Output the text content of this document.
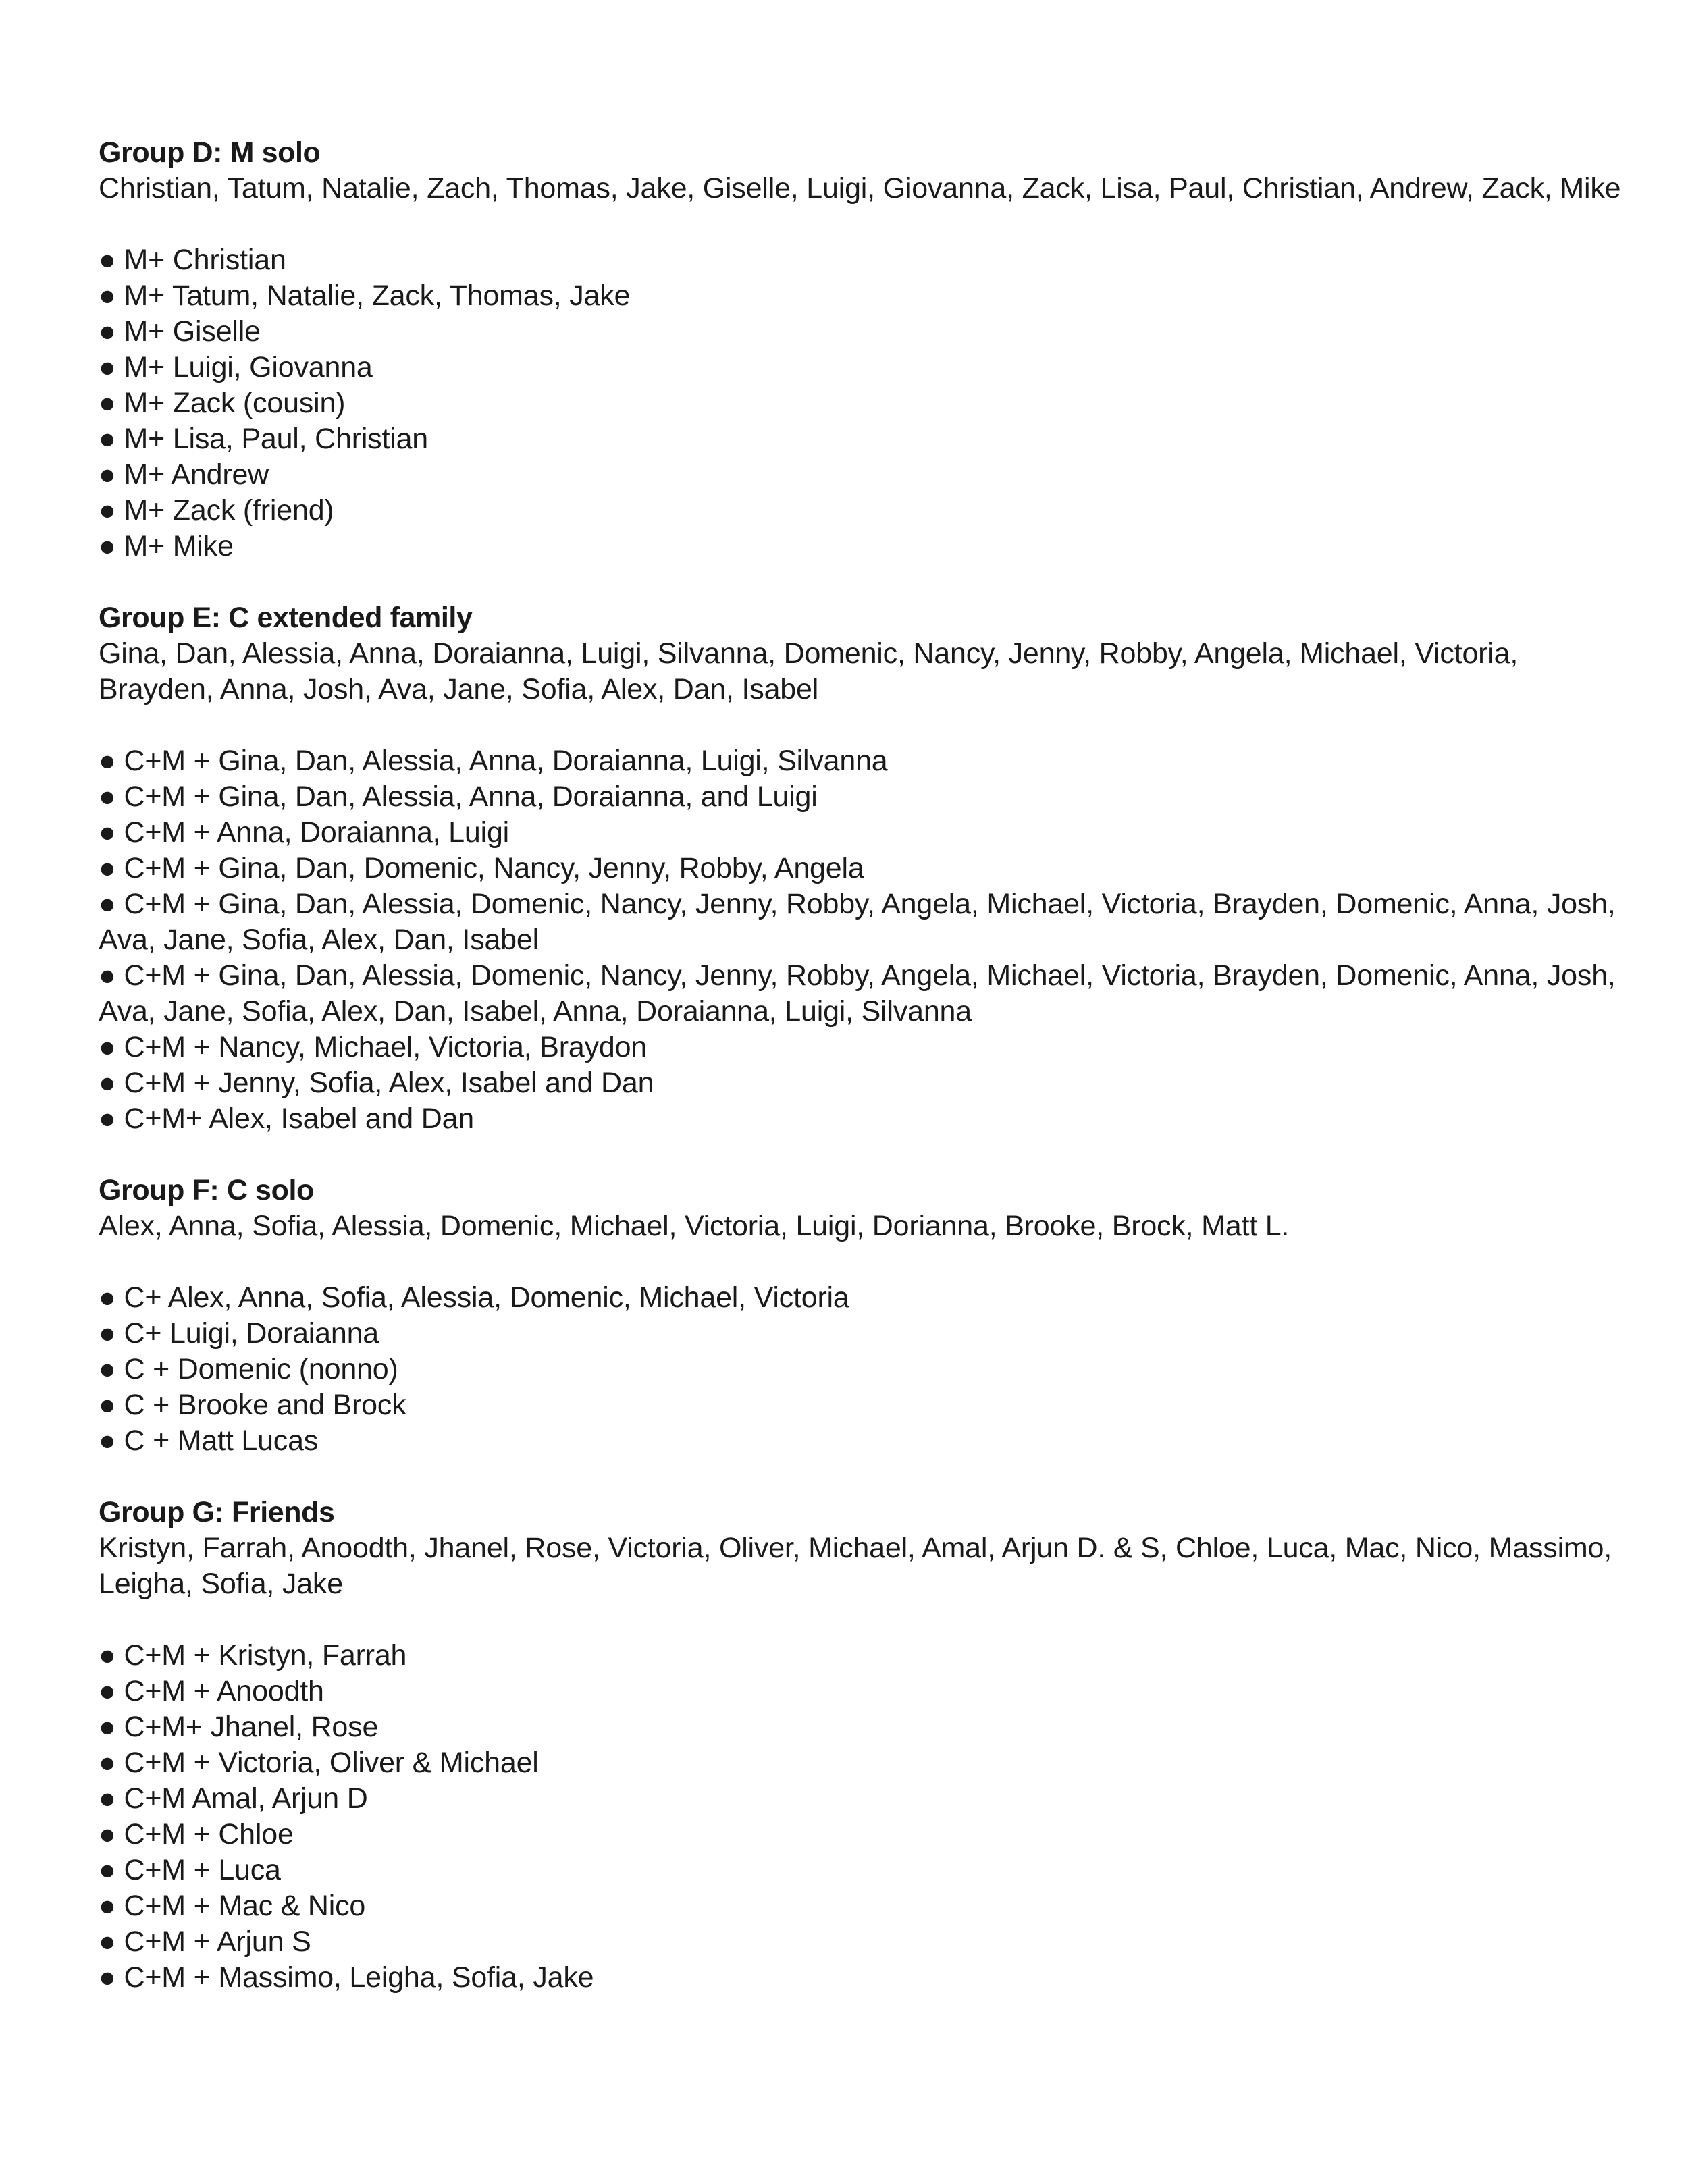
Group D: M solo
Christian, Tatum, Natalie, Zach, Thomas, Jake, Giselle, Luigi, Giovanna, Zack, Lisa, Paul, Christian, Andrew, Zack, Mike
● M+ Christian
● M+ Tatum, Natalie, Zack, Thomas, Jake
● M+ Giselle
● M+ Luigi, Giovanna
● M+ Zack (cousin)
● M+ Lisa, Paul, Christian
● M+ Andrew
● M+ Zack (friend)
● M+ Mike
Group E: C extended family
Gina, Dan, Alessia, Anna, Doraianna, Luigi, Silvanna, Domenic, Nancy, Jenny, Robby, Angela, Michael, Victoria, Brayden, Anna, Josh, Ava, Jane, Sofia, Alex, Dan, Isabel
● C+M + Gina, Dan, Alessia, Anna, Doraianna, Luigi, Silvanna
● C+M + Gina, Dan, Alessia, Anna, Doraianna, and Luigi
● C+M + Anna, Doraianna, Luigi
● C+M + Gina, Dan, Domenic, Nancy, Jenny, Robby, Angela
● C+M + Gina, Dan, Alessia, Domenic, Nancy, Jenny, Robby, Angela, Michael, Victoria, Brayden, Domenic, Anna, Josh, Ava, Jane, Sofia, Alex, Dan, Isabel
● C+M + Gina, Dan, Alessia, Domenic, Nancy, Jenny, Robby, Angela, Michael, Victoria, Brayden, Domenic, Anna, Josh, Ava, Jane, Sofia, Alex, Dan, Isabel, Anna, Doraianna, Luigi, Silvanna
● C+M + Nancy, Michael, Victoria, Braydon
● C+M + Jenny, Sofia, Alex, Isabel and Dan
● C+M+ Alex, Isabel and Dan
Group F: C solo
Alex, Anna, Sofia, Alessia, Domenic, Michael, Victoria, Luigi, Dorianna, Brooke, Brock, Matt L.
● C+ Alex, Anna, Sofia, Alessia, Domenic, Michael, Victoria
● C+ Luigi, Doraianna
● C + Domenic (nonno)
● C + Brooke and Brock
● C + Matt Lucas
Group G: Friends
Kristyn, Farrah, Anoodth, Jhanel, Rose, Victoria, Oliver, Michael, Amal, Arjun D. & S, Chloe, Luca, Mac, Nico, Massimo, Leigha, Sofia, Jake
● C+M + Kristyn, Farrah
● C+M + Anoodth
● C+M+ Jhanel, Rose
● C+M + Victoria, Oliver & Michael
● C+M Amal, Arjun D
● C+M + Chloe
● C+M + Luca
● C+M + Mac & Nico
● C+M + Arjun S
● C+M + Massimo, Leigha, Sofia, Jake
